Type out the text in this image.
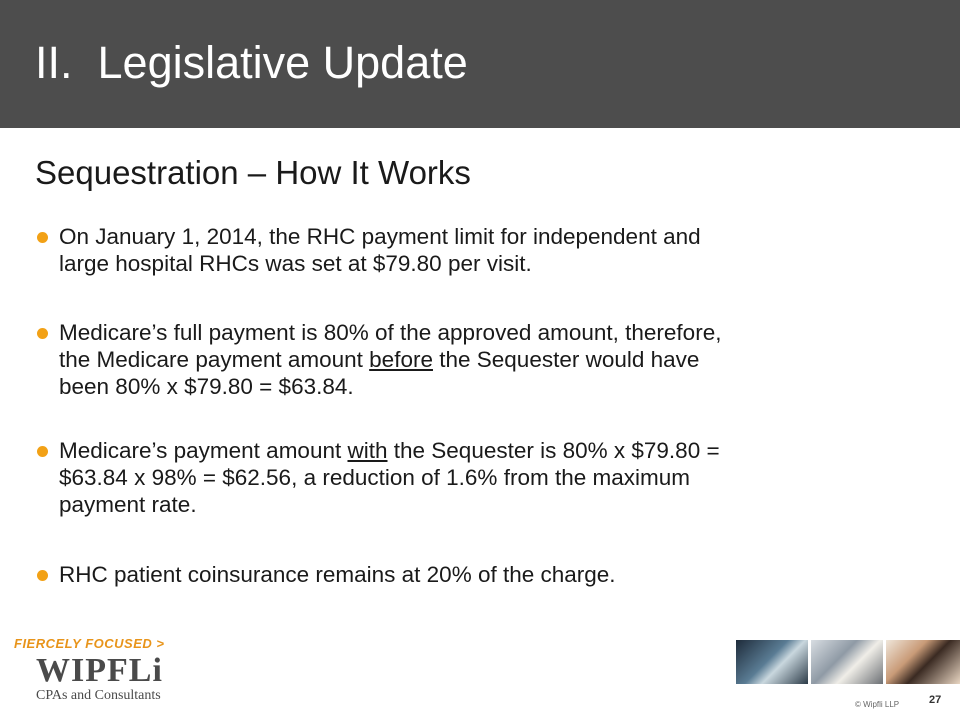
II.  Legislative Update
Sequestration – How It Works
On January 1, 2014, the RHC payment limit for independent and
large hospital RHCs was set at $79.80 per visit.
Medicare’s full payment is 80% of the approved amount, therefore,
the Medicare payment amount before the Sequester would have
been 80% x $79.80 = $63.84.
Medicare’s payment amount with the Sequester is 80% x $79.80 =
$63.84 x 98% = $62.56, a reduction of 1.6% from the maximum
payment rate.
RHC patient coinsurance remains at 20% of the charge.
FIERCELY FOCUSED >
WIPFLi
CPAs and Consultants
© Wipfli LLP	27
